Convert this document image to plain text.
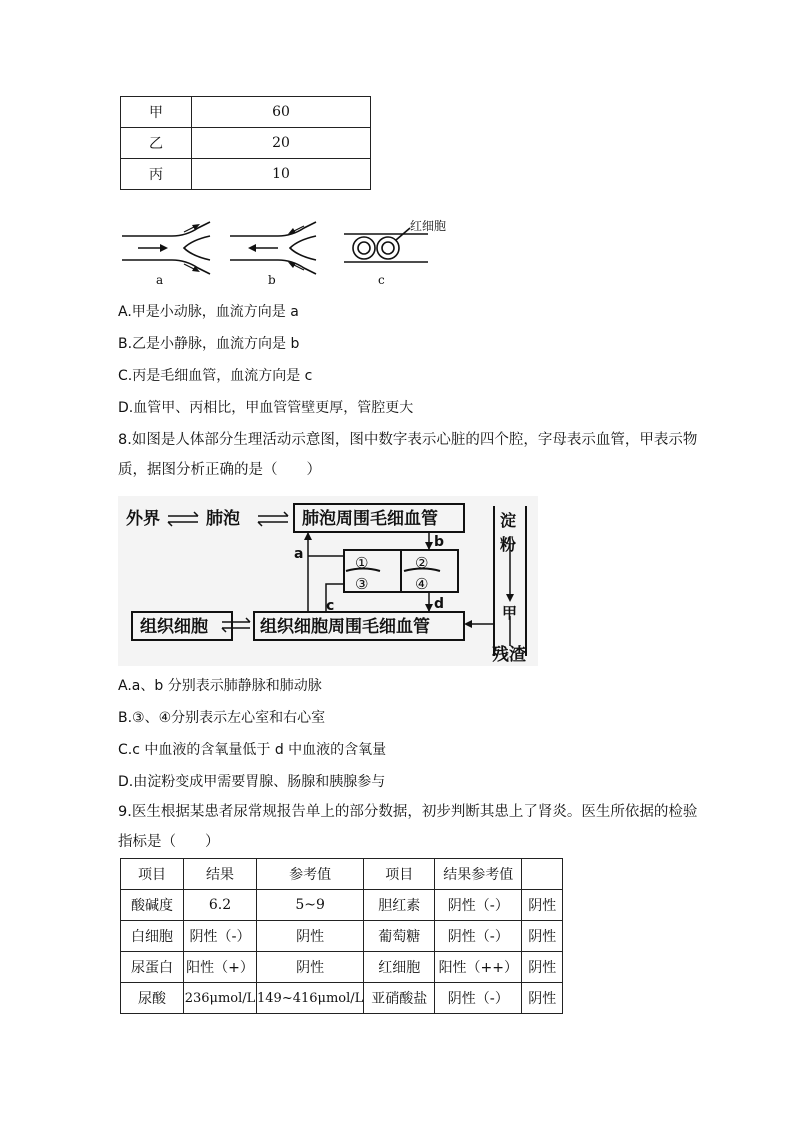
甲	60
乙	20
丙	10
红细胞
a	b	c
A.甲是小动脉，血流方向是 a
B.乙是小静脉，血流方向是 b
C.丙是毛细血管，血流方向是 c
D.血管甲、丙相比，甲血管管壁更厚，管腔更大
8.如图是人体部分生理活动示意图，图中数字表示心脏的四个腔，字母表示血管，甲表示物
质，据图分析正确的是（　　）
外界	肺泡	肺泡周围毛细血管
组织细胞	组织细胞周围毛细血管
①	②
③	④
a
b
c	d
淀
粉
甲
残渣
A.a、b 分别表示肺静脉和肺动脉
B.③、④分别表示左心室和右心室
C.c 中血液的含氧量低于 d 中血液的含氧量
D.由淀粉变成甲需要胃腺、肠腺和胰腺参与
9.医生根据某患者尿常规报告单上的部分数据，初步判断其患上了肾炎。医生所依据的检验
指标是（　　）
项目	结果	参考值	项目	结果参考值	
酸碱度	6.2	5~9	胆红素	阴性（-）	阴性
白细胞	阴性（-）	阴性	葡萄糖	阴性（-）	阴性
尿蛋白	阳性（+）	阴性	红细胞	阳性（++）	阴性
尿酸	236μmol/L	149~416μmol/L	亚硝酸盐	阴性（-）	阴性
